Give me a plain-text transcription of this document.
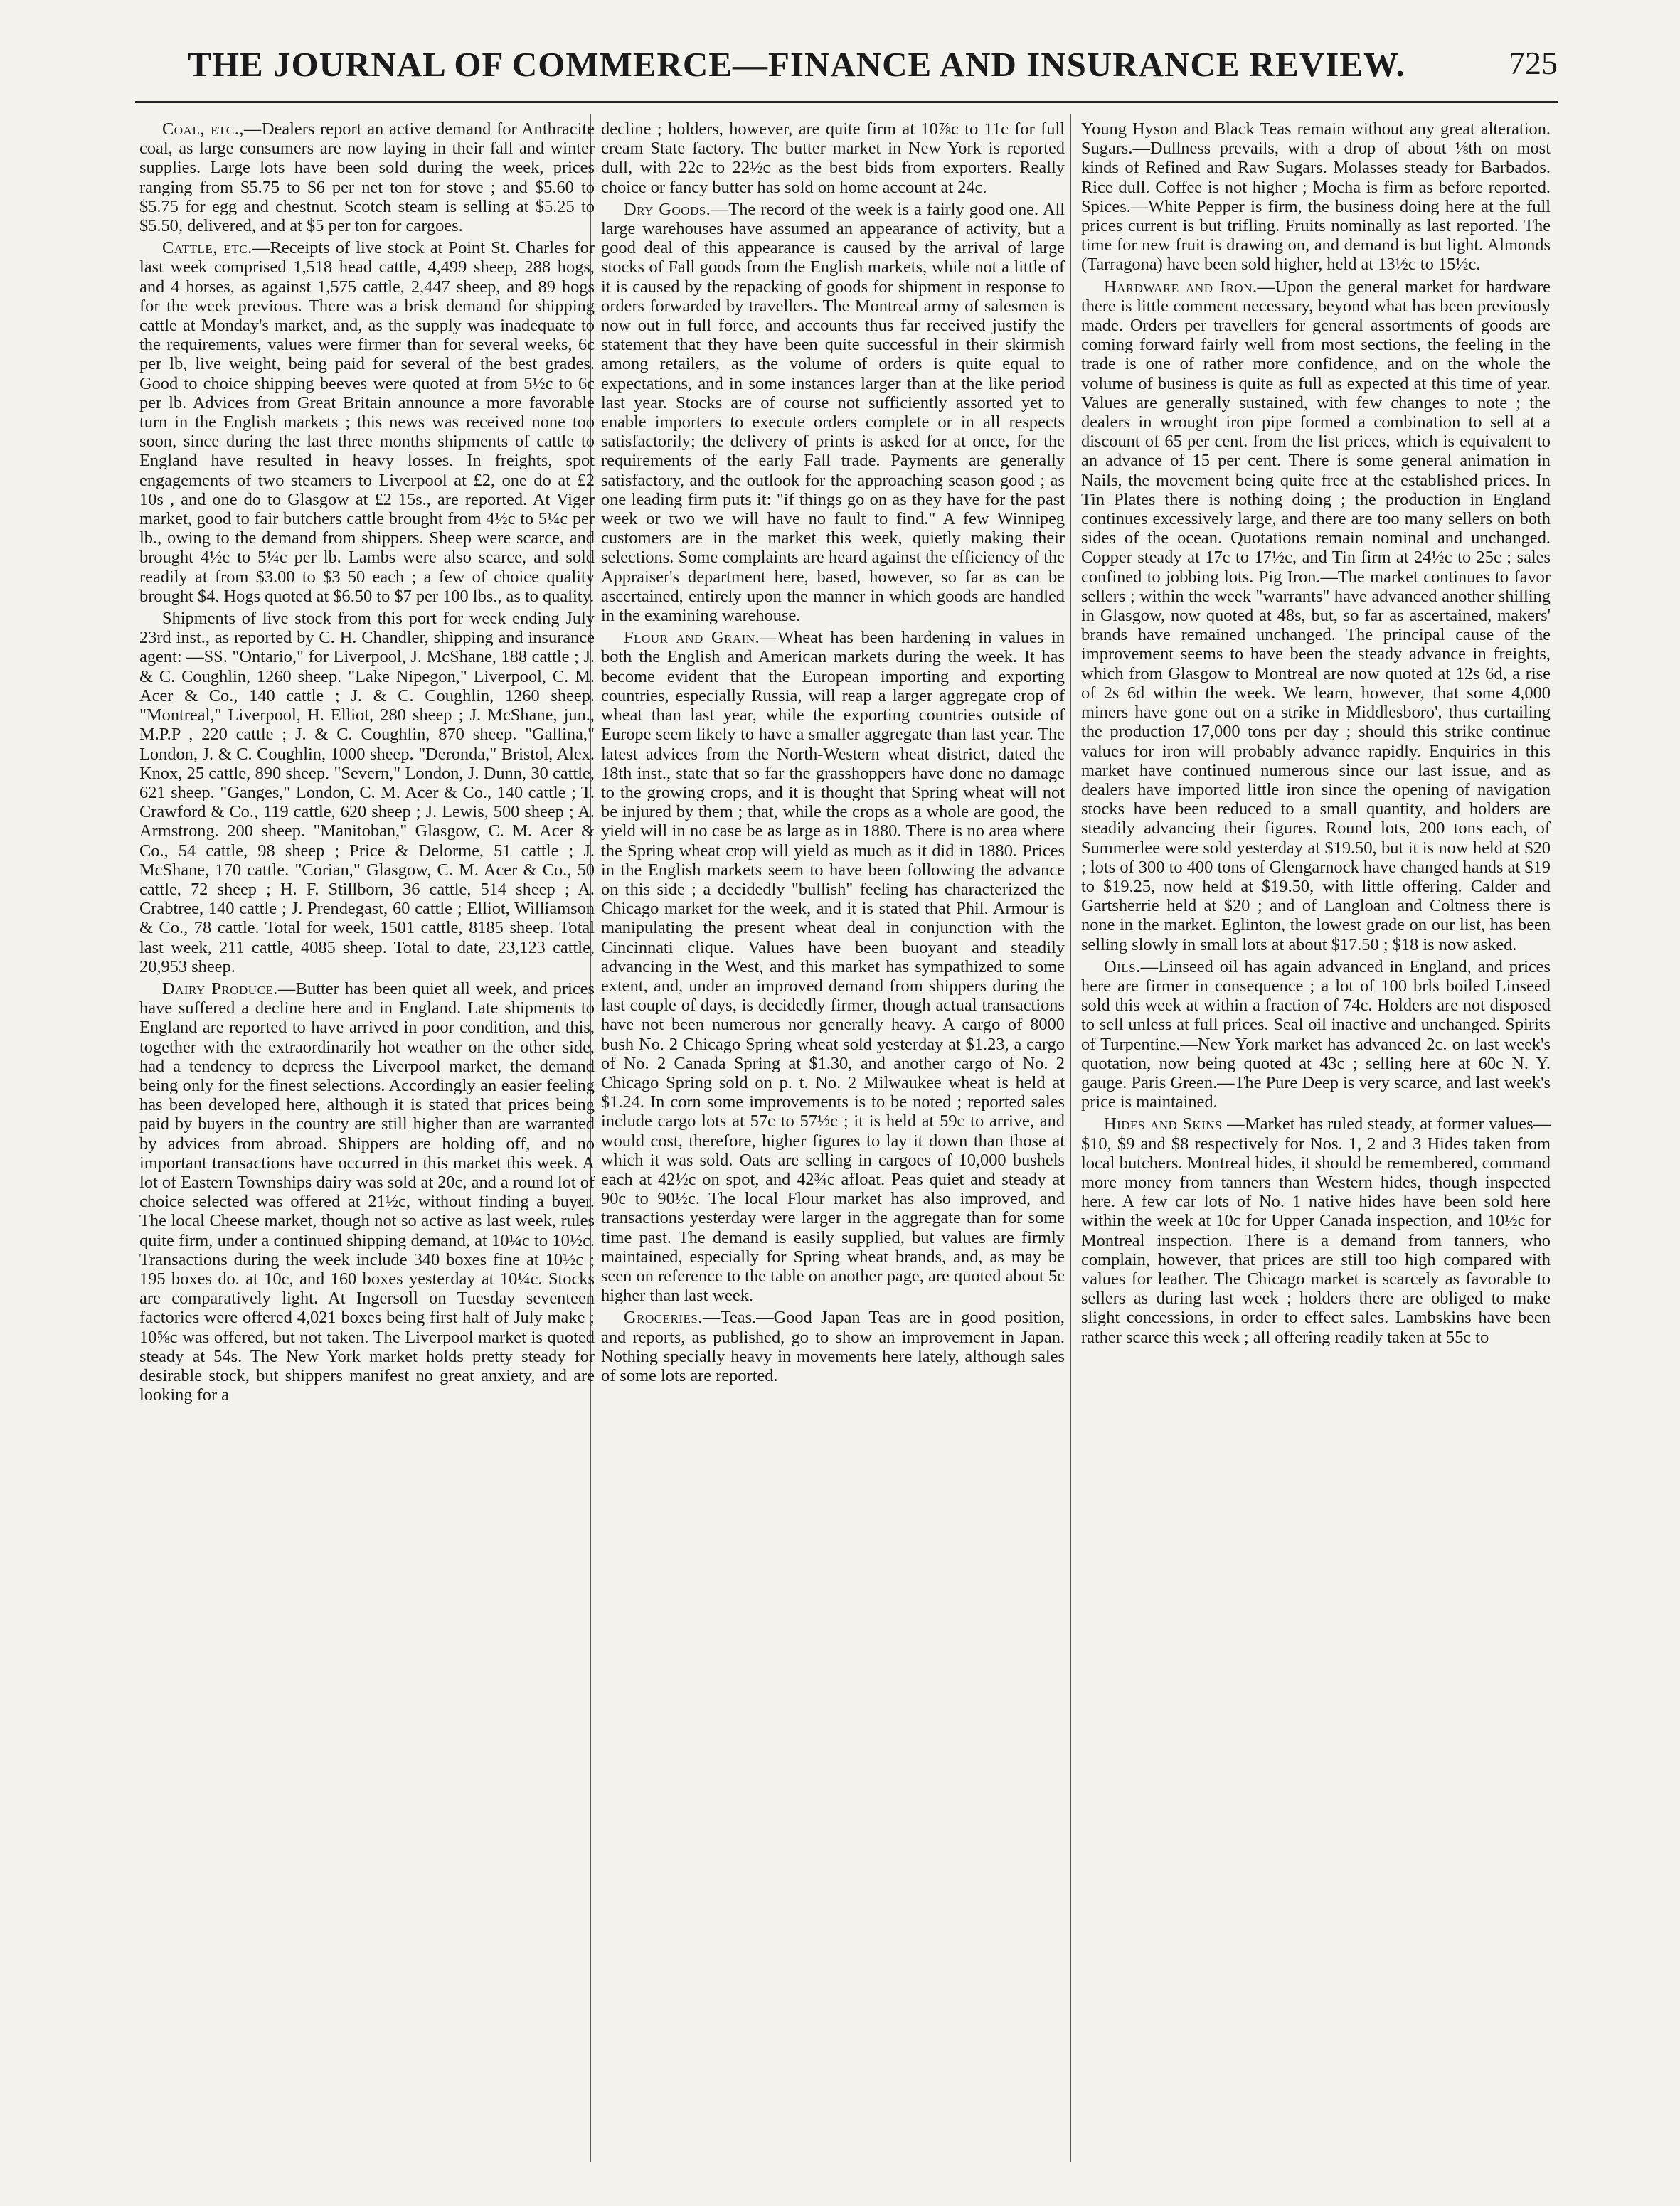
THE JOURNAL OF COMMERCE—FINANCE AND INSURANCE REVIEW.	725

Coal, etc.,—Dealers report an active demand for Anthracite coal, as large consumers are now laying in their fall and winter supplies. Large lots have been sold during the week, prices ranging from $5.75 to $6 per net ton for stove ; and $5.60 to $5.75 for egg and chestnut. Scotch steam is selling at $5.25 to $5.50, delivered, and at $5 per ton for cargoes.

Cattle, etc.—Receipts of live stock at Point St. Charles for last week comprised 1,518 head cattle, 4,499 sheep, 288 hogs, and 4 horses, as against 1,575 cattle, 2,447 sheep, and 89 hogs for the week previous. There was a brisk demand for shipping cattle at Monday's market, and, as the supply was inadequate to the requirements, values were firmer than for several weeks, 6c per lb, live weight, being paid for several of the best grades. Good to choice shipping beeves were quoted at from 5½c to 6c per lb. Advices from Great Britain announce a more favorable turn in the English markets ; this news was received none too soon, since during the last three months shipments of cattle to England have resulted in heavy losses. In freights, spot engagements of two steamers to Liverpool at £2, one do at £2 10s , and one do to Glasgow at £2 15s., are reported. At Viger market, good to fair butchers cattle brought from 4½c to 5¼c per lb., owing to the demand from shippers. Sheep were scarce, and brought 4½c to 5¼c per lb. Lambs were also scarce, and sold readily at from $3.00 to $3 50 each ; a few of choice quality brought $4. Hogs quoted at $6.50 to $7 per 100 lbs., as to quality.

Shipments of live stock from this port for week ending July 23rd inst., as reported by C. H. Chandler, shipping and insurance agent: —SS. "Ontario," for Liverpool, J. McShane, 188 cattle ; J. & C. Coughlin, 1260 sheep. "Lake Nipegon," Liverpool, C. M. Acer & Co., 140 cattle ; J. & C. Coughlin, 1260 sheep. "Montreal," Liverpool, H. Elliot, 280 sheep ; J. McShane, jun., M.P.P , 220 cattle ; J. & C. Coughlin, 870 sheep. "Gallina," London, J. & C. Coughlin, 1000 sheep. "Deronda," Bristol, Alex. Knox, 25 cattle, 890 sheep. "Severn," London, J. Dunn, 30 cattle, 621 sheep. "Ganges," London, C. M. Acer & Co., 140 cattle ; T. Crawford & Co., 119 cattle, 620 sheep ; J. Lewis, 500 sheep ; A. Armstrong. 200 sheep. "Manitoban," Glasgow, C. M. Acer & Co., 54 cattle, 98 sheep ; Price & Delorme, 51 cattle ; J. McShane, 170 cattle. "Corian," Glasgow, C. M. Acer & Co., 50 cattle, 72 sheep ; H. F. Stillborn, 36 cattle, 514 sheep ; A. Crabtree, 140 cattle ; J. Prendegast, 60 cattle ; Elliot, Williamson & Co., 78 cattle. Total for week, 1501 cattle, 8185 sheep. Total last week, 211 cattle, 4085 sheep. Total to date, 23,123 cattle, 20,953 sheep.

Dairy Produce.—Butter has been quiet all week, and prices have suffered a decline here and in England. Late shipments to England are reported to have arrived in poor condition, and this, together with the extraordinarily hot weather on the other side, had a tendency to depress the Liverpool market, the demand being only for the finest selections. Accordingly an easier feeling has been developed here, although it is stated that prices being paid by buyers in the country are still higher than are warranted by advices from abroad. Shippers are holding off, and no important transactions have occurred in this market this week. A lot of Eastern Townships dairy was sold at 20c, and a round lot of choice selected was offered at 21½c, without finding a buyer. The local Cheese market, though not so active as last week, rules quite firm, under a continued shipping demand, at 10¼c to 10½c. Transactions during the week include 340 boxes fine at 10½c ; 195 boxes do. at 10c, and 160 boxes yesterday at 10¼c. Stocks are comparatively light. At Ingersoll on Tuesday seventeen factories were offered 4,021 boxes being first half of July make ; 10⅝c was offered, but not taken. The Liverpool market is quoted steady at 54s. The New York market holds pretty steady for desirable stock, but shippers manifest no great anxiety, and are looking for a

decline ; holders, however, are quite firm at 10⅞c to 11c for full cream State factory. The butter market in New York is reported dull, with 22c to 22½c as the best bids from exporters. Really choice or fancy butter has sold on home account at 24c.

Dry Goods.—The record of the week is a fairly good one. All large warehouses have assumed an appearance of activity, but a good deal of this appearance is caused by the arrival of large stocks of Fall goods from the English markets, while not a little of it is caused by the repacking of goods for shipment in response to orders forwarded by travellers. The Montreal army of salesmen is now out in full force, and accounts thus far received justify the statement that they have been quite successful in their skirmish among retailers, as the volume of orders is quite equal to expectations, and in some instances larger than at the like period last year. Stocks are of course not sufficiently assorted yet to enable importers to execute orders complete or in all respects satisfactorily; the delivery of prints is asked for at once, for the requirements of the early Fall trade. Payments are generally satisfactory, and the outlook for the approaching season good ; as one leading firm puts it: "if things go on as they have for the past week or two we will have no fault to find." A few Winnipeg customers are in the market this week, quietly making their selections. Some complaints are heard against the efficiency of the Appraiser's department here, based, however, so far as can be ascertained, entirely upon the manner in which goods are handled in the examining warehouse.

Flour and Grain.—Wheat has been hardening in values in both the English and American markets during the week. It has become evident that the European importing and exporting countries, especially Russia, will reap a larger aggregate crop of wheat than last year, while the exporting countries outside of Europe seem likely to have a smaller aggregate than last year. The latest advices from the North-Western wheat district, dated the 18th inst., state that so far the grasshoppers have done no damage to the growing crops, and it is thought that Spring wheat will not be injured by them ; that, while the crops as a whole are good, the yield will in no case be as large as in 1880. There is no area where the Spring wheat crop will yield as much as it did in 1880. Prices in the English markets seem to have been following the advance on this side ; a decidedly "bullish" feeling has characterized the Chicago market for the week, and it is stated that Phil. Armour is manipulating the present wheat deal in conjunction with the Cincinnati clique. Values have been buoyant and steadily advancing in the West, and this market has sympathized to some extent, and, under an improved demand from shippers during the last couple of days, is decidedly firmer, though actual transactions have not been numerous nor generally heavy. A cargo of 8000 bush No. 2 Chicago Spring wheat sold yesterday at $1.23, a cargo of No. 2 Canada Spring at $1.30, and another cargo of No. 2 Chicago Spring sold on p. t. No. 2 Milwaukee wheat is held at $1.24. In corn some improvements is to be noted ; reported sales include cargo lots at 57c to 57½c ; it is held at 59c to arrive, and would cost, therefore, higher figures to lay it down than those at which it was sold. Oats are selling in cargoes of 10,000 bushels each at 42½c on spot, and 42¾c afloat. Peas quiet and steady at 90c to 90½c. The local Flour market has also improved, and transactions yesterday were larger in the aggregate than for some time past. The demand is easily supplied, but values are firmly maintained, especially for Spring wheat brands, and, as may be seen on reference to the table on another page, are quoted about 5c higher than last week.

Groceries.—Teas.—Good Japan Teas are in good position, and reports, as published, go to show an improvement in Japan. Nothing specially heavy in movements here lately, although sales of some lots are reported.

Young Hyson and Black Teas remain without any great alteration. Sugars.—Dullness prevails, with a drop of about ⅛th on most kinds of Refined and Raw Sugars. Molasses steady for Barbados. Rice dull. Coffee is not higher ; Mocha is firm as before reported. Spices.—White Pepper is firm, the business doing here at the full prices current is but trifling. Fruits nominally as last reported. The time for new fruit is drawing on, and demand is but light. Almonds (Tarragona) have been sold higher, held at 13½c to 15½c.

Hardware and Iron.—Upon the general market for hardware there is little comment necessary, beyond what has been previously made. Orders per travellers for general assortments of goods are coming forward fairly well from most sections, the feeling in the trade is one of rather more confidence, and on the whole the volume of business is quite as full as expected at this time of year. Values are generally sustained, with few changes to note ; the dealers in wrought iron pipe formed a combination to sell at a discount of 65 per cent. from the list prices, which is equivalent to an advance of 15 per cent. There is some general animation in Nails, the movement being quite free at the established prices. In Tin Plates there is nothing doing ; the production in England continues excessively large, and there are too many sellers on both sides of the ocean. Quotations remain nominal and unchanged. Copper steady at 17c to 17½c, and Tin firm at 24½c to 25c ; sales confined to jobbing lots. Pig Iron.—The market continues to favor sellers ; within the week "warrants" have advanced another shilling in Glasgow, now quoted at 48s, but, so far as ascertained, makers' brands have remained unchanged. The principal cause of the improvement seems to have been the steady advance in freights, which from Glasgow to Montreal are now quoted at 12s 6d, a rise of 2s 6d within the week. We learn, however, that some 4,000 miners have gone out on a strike in Middlesboro', thus curtailing the production 17,000 tons per day ; should this strike continue values for iron will probably advance rapidly. Enquiries in this market have continued numerous since our last issue, and as dealers have imported little iron since the opening of navigation stocks have been reduced to a small quantity, and holders are steadily advancing their figures. Round lots, 200 tons each, of Summerlee were sold yesterday at $19.50, but it is now held at $20 ; lots of 300 to 400 tons of Glengarnock have changed hands at $19 to $19.25, now held at $19.50, with little offering. Calder and Gartsherrie held at $20 ; and of Langloan and Coltness there is none in the market. Eglinton, the lowest grade on our list, has been selling slowly in small lots at about $17.50 ; $18 is now asked.

Oils.—Linseed oil has again advanced in England, and prices here are firmer in consequence ; a lot of 100 brls boiled Linseed sold this week at within a fraction of 74c. Holders are not disposed to sell unless at full prices. Seal oil inactive and unchanged. Spirits of Turpentine.—New York market has advanced 2c. on last week's quotation, now being quoted at 43c ; selling here at 60c N. Y. gauge. Paris Green.—The Pure Deep is very scarce, and last week's price is maintained.

Hides and Skins —Market has ruled steady, at former values—$10, $9 and $8 respectively for Nos. 1, 2 and 3 Hides taken from local butchers. Montreal hides, it should be remembered, command more money from tanners than Western hides, though inspected here. A few car lots of No. 1 native hides have been sold here within the week at 10c for Upper Canada inspection, and 10½c for Montreal inspection. There is a demand from tanners, who complain, however, that prices are still too high compared with values for leather. The Chicago market is scarcely as favorable to sellers as during last week ; holders there are obliged to make slight concessions, in order to effect sales. Lambskins have been rather scarce this week ; all offering readily taken at 55c to
